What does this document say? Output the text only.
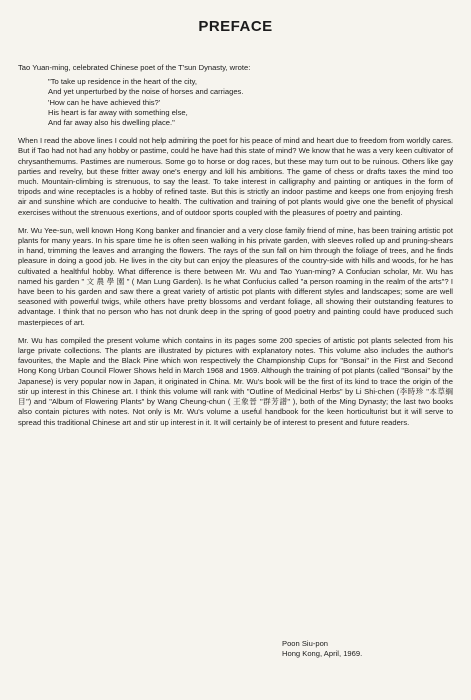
PREFACE

Tao Yuan-ming, celebrated Chinese poet of the T'sun Dynasty, wrote:

"To take up residence in the heart of the city,
And yet unperturbed by the noise of horses and carriages.
'How can he have achieved this?'
His heart is far away with something else,
And far away also his dwelling place."

When I read the above lines I could not help admiring the poet for his peace of mind and heart due to freedom from worldly cares. But if Tao had not had any hobby or pastime, could he have had this state of mind? We know that he was a very keen cultivator of chrysanthemums. Pastimes are numerous. Some go to horse or dog races, but these may turn out to be ruinous. Others like gay parties and revelry, but these fritter away one's energy and kill his ambitions. The game of chess or drafts taxes the mind too much. Mountain-climbing is strenuous, to say the least. To take interest in calligraphy and painting or antiques in the form of tripods and wine receptacles is a hobby of refined taste. But this is strictly an indoor pastime and keeps one from enjoying fresh air and sunshine which are conducive to health. The cultivation and training of pot plants would give one the benefit of physical exercises without the strenuous exertions, and of outdoor sports coupled with the pleasures of poetry and painting.

Mr. Wu Yee-sun, well known Hong Kong banker and financier and a very close family friend of mine, has been training artistic pot plants for many years. In his spare time he is often seen walking in his private garden, with sleeves rolled up and pruning-shears in hand, trimming the leaves and arranging the flowers. The rays of the sun fall on him through the foliage of trees, and he finds pleasure in doing a good job. He lives in the city but can enjoy the pleasures of the country-side with hills and woods, for he has cultivated a healthful hobby. What difference is there between Mr. Wu and Tao Yuan-ming? A Confucian scholar, Mr. Wu has named his garden " 文 農 學 園 " ( Man Lung Garden). Is he what Confucius called "a person roaming in the realm of the arts"? I have been to his garden and saw there a great variety of artistic pot plants with different styles and landscapes; some are well seasoned with powerful twigs, while others have pretty blossoms and verdant foliage, all showing their outstanding features to advantage. I think that no person who has not drunk deep in the spring of good poetry and painting could have produced such masterpieces of art.

Mr. Wu has compiled the present volume which contains in its pages some 200 species of artistic pot plants selected from his large private collections. The plants are illustrated by pictures with explanatory notes. This volume also includes the author's favourites, the Maple and the Black Pine which won respectively the Championship Cups for "Bonsai" in the First and Second Hong Kong Urban Council Flower Shows held in March 1968 and 1969. Although the training of pot plants (called "Bonsai" by the Japanese) is very popular now in Japan, it originated in China. Mr. Wu's book will be the first of its kind to trace the origin of the stir up interest in this Chinese art. I think this volume will rank with "Outline of Medicinal Herbs" by Li Shi-chen (李時珍 "本草綱目") and "Album of Flowering Plants" by Wang Cheung-chun ( 王象晉 "群芳譜" ), both of the Ming Dynasty; the last two books also contain pictures with notes. Not only is Mr. Wu's volume a useful handbook for the keen horticulturist but it will serve to spread this traditional Chinese art and stir up interest in it. It will certainly be of interest to present and future readers.

Poon Siu-pon
Hong Kong, April, 1969.
